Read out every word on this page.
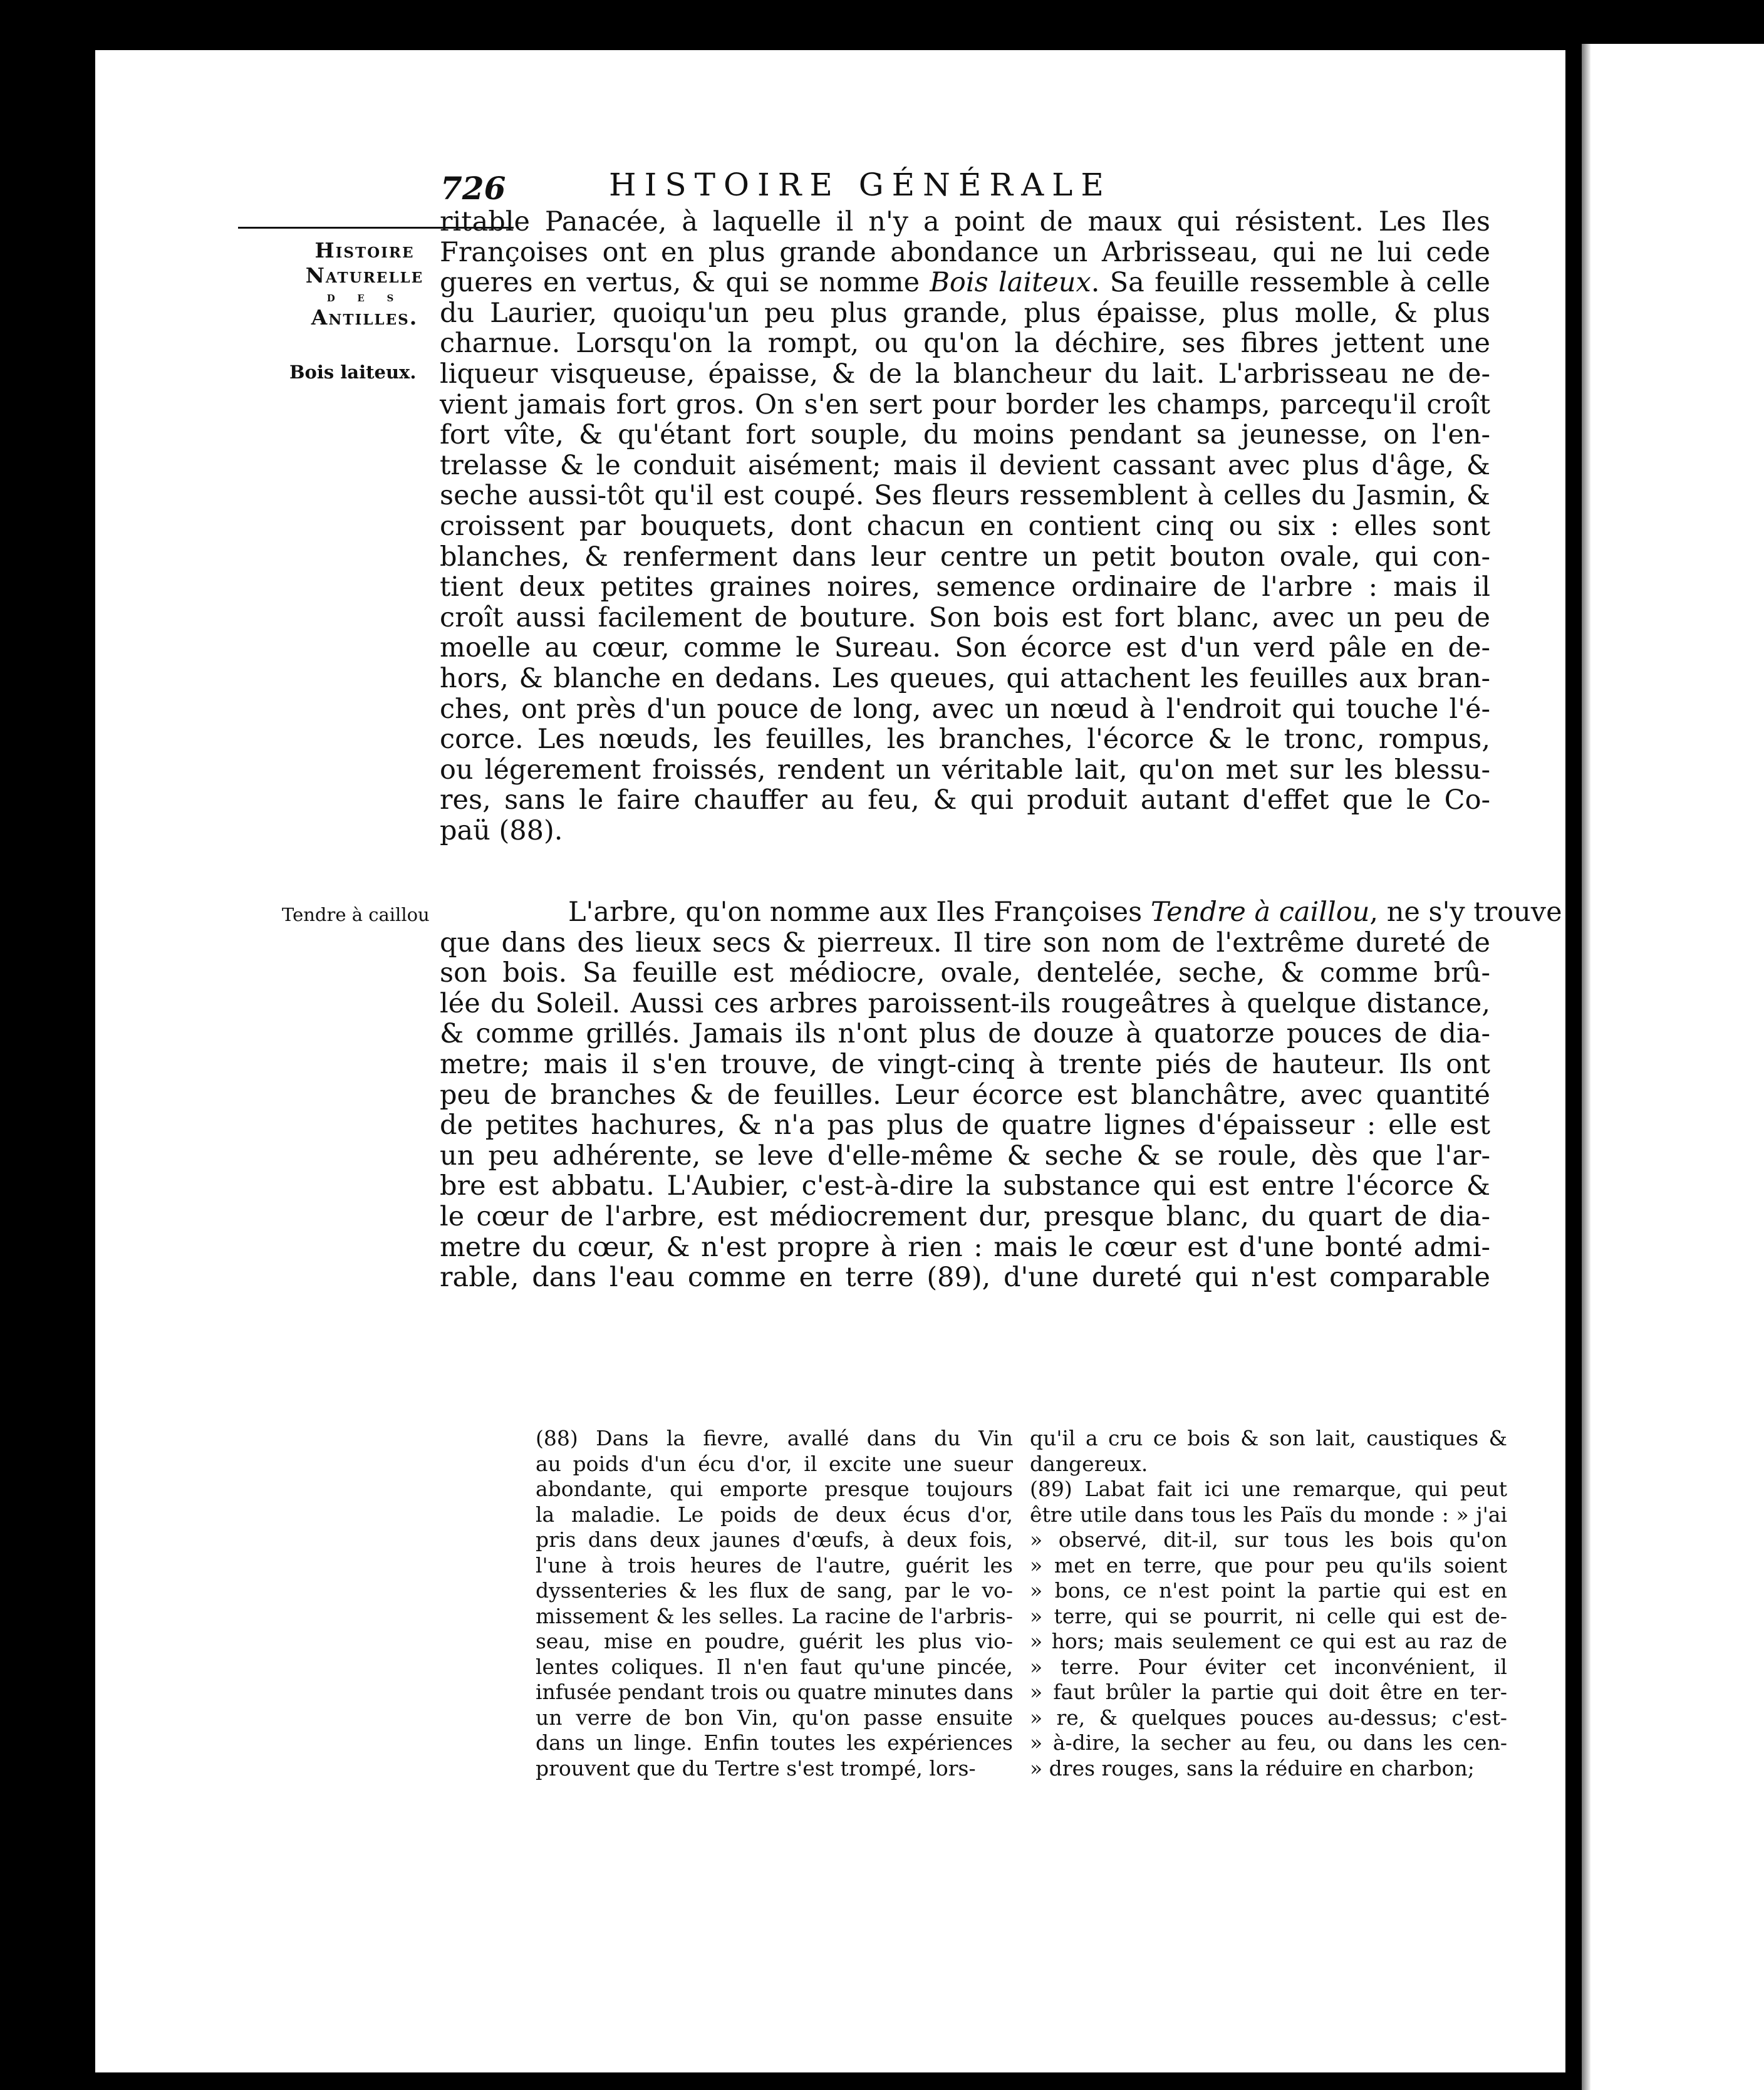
726	HISTOIRE GÉNÉRALE
Histoire
Naturelle
d e s
Antilles.

Bois laiteux.

Tendre à caillou

ritable Panacée, à laquelle il n'y a point de maux qui résistent. Les Iles
Françoises ont en plus grande abondance un Arbrisseau, qui ne lui cede
gueres en vertus, & qui se nomme Bois laiteux. Sa feuille ressemble à celle
du Laurier, quoiqu'un peu plus grande, plus épaisse, plus molle, & plus
charnue. Lorsqu'on la rompt, ou qu'on la déchire, ses fibres jettent une
liqueur visqueuse, épaisse, & de la blancheur du lait. L'arbrisseau ne de-
vient jamais fort gros. On s'en sert pour border les champs, parcequ'il croît
fort vîte, & qu'étant fort souple, du moins pendant sa jeunesse, on l'en-
trelasse & le conduit aisément; mais il devient cassant avec plus d'âge, &
seche aussi-tôt qu'il est coupé. Ses fleurs ressemblent à celles du Jasmin, &
croissent par bouquets, dont chacun en contient cinq ou six : elles sont
blanches, & renferment dans leur centre un petit bouton ovale, qui con-
tient deux petites graines noires, semence ordinaire de l'arbre : mais il
croît aussi facilement de bouture. Son bois est fort blanc, avec un peu de
moelle au cœur, comme le Sureau. Son écorce est d'un verd pâle en de-
hors, & blanche en dedans. Les queues, qui attachent les feuilles aux bran-
ches, ont près d'un pouce de long, avec un nœud à l'endroit qui touche l'é-
corce. Les nœuds, les feuilles, les branches, l'écorce & le tronc, rompus,
ou légerement froissés, rendent un véritable lait, qu'on met sur les blessu-
res, sans le faire chauffer au feu, & qui produit autant d'effet que le Co-
paü (88).
L'arbre, qu'on nomme aux Iles Françoises Tendre à caillou, ne s'y trouve
que dans des lieux secs & pierreux. Il tire son nom de l'extrême dureté de
son bois. Sa feuille est médiocre, ovale, dentelée, seche, & comme brû-
lée du Soleil. Aussi ces arbres paroissent-ils rougeâtres à quelque distance,
& comme grillés. Jamais ils n'ont plus de douze à quatorze pouces de dia-
metre; mais il s'en trouve, de vingt-cinq à trente piés de hauteur. Ils ont
peu de branches & de feuilles. Leur écorce est blanchâtre, avec quantité
de petites hachures, & n'a pas plus de quatre lignes d'épaisseur : elle est
un peu adhérente, se leve d'elle-même & seche & se roule, dès que l'ar-
bre est abbatu. L'Aubier, c'est-à-dire la substance qui est entre l'écorce &
le cœur de l'arbre, est médiocrement dur, presque blanc, du quart de dia-
metre du cœur, & n'est propre à rien : mais le cœur est d'une bonté admi-
rable, dans l'eau comme en terre (89), d'une dureté qui n'est comparable
(88) Dans la fievre, avallé dans du Vin
au poids d'un écu d'or, il excite une sueur
abondante, qui emporte presque toujours
la maladie. Le poids de deux écus d'or,
pris dans deux jaunes d'œufs, à deux fois,
l'une à trois heures de l'autre, guérit les
dyssenteries & les flux de sang, par le vo-
missement & les selles. La racine de l'arbris-
seau, mise en poudre, guérit les plus vio-
lentes coliques. Il n'en faut qu'une pincée,
infusée pendant trois ou quatre minutes dans
un verre de bon Vin, qu'on passe ensuite
dans un linge. Enfin toutes les expériences
prouvent que du Tertre s'est trompé, lors-
qu'il a cru ce bois & son lait, caustiques &
dangereux.
(89) Labat fait ici une remarque, qui peut
être utile dans tous les Païs du monde : » j'ai
» observé, dit-il, sur tous les bois qu'on
» met en terre, que pour peu qu'ils soient
» bons, ce n'est point la partie qui est en
» terre, qui se pourrit, ni celle qui est de-
» hors; mais seulement ce qui est au raz de
» terre. Pour éviter cet inconvénient, il
» faut brûler la partie qui doit être en ter-
» re, & quelques pouces au-dessus; c'est-
» à-dire, la secher au feu, ou dans les cen-
» dres rouges, sans la réduire en charbon;
